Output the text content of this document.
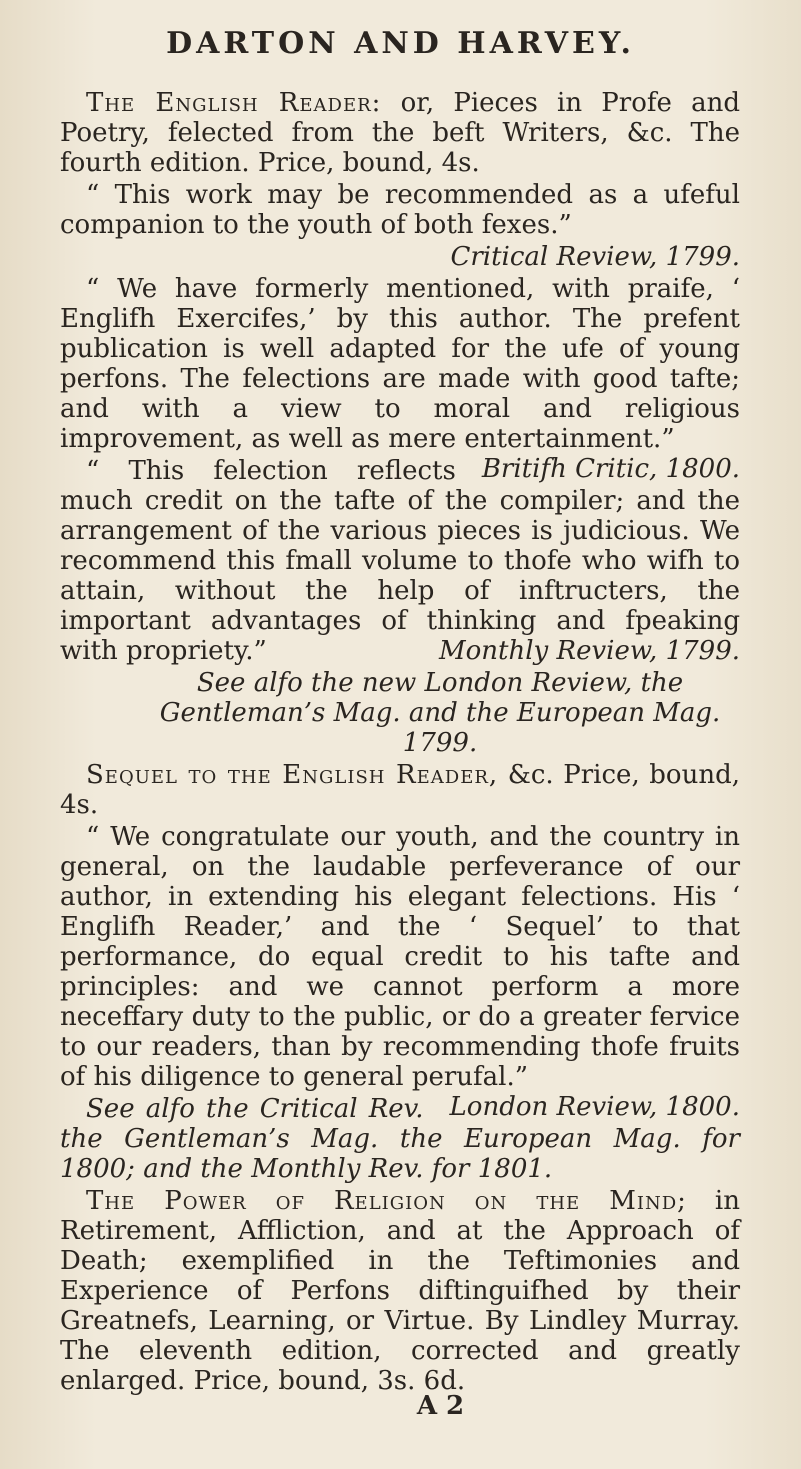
DARTON AND HARVEY.

The English Reader: or, Pieces in Profe and Poetry, felected from the beft Writers, &c. The fourth edition. Price, bound, 4s.

“ This work may be recommended as a ufeful companion to the youth of both fexes.”

Critical Review, 1799.

“ We have formerly mentioned, with praife, ‘ Englifh Exercifes,’ by this author. The prefent publication is well adapted for the ufe of young perfons. The felections are made with good tafte; and with a view to moral and religious improvement, as well as mere entertainment.”
Britifh Critic, 1800.

“ This felection reflects much credit on the tafte of the compiler; and the arrangement of the various pieces is judicious. We recommend this fmall volume to thofe who wifh to attain, without the help of inftructers, the important advantages of thinking and fpeaking with propriety.”	Monthly Review, 1799.

See alfo the new London Review, the Gentleman’s Mag. and the European Mag. 1799.

Sequel to the English Reader, &c. Price, bound, 4s.

“ We congratulate our youth, and the country in general, on the laudable perfeverance of our author, in extending his elegant felections. His ‘ Englifh Reader,’ and the ‘ Sequel’ to that performance, do equal credit to his tafte and principles: and we cannot perform a more neceffary duty to the public, or do a greater fervice to our readers, than by recommending thofe fruits of his diligence to general perufal.”
London Review, 1800.

See alfo the Critical Rev. the Gentleman’s Mag. the European Mag. for 1800; and the Monthly Rev. for 1801.

The Power of Religion on the Mind; in Retirement, Affliction, and at the Approach of Death; exemplified in the Teftimonies and Experience of Perfons diftinguifhed by their Greatnefs, Learning, or Virtue. By Lindley Murray. The eleventh edition, corrected and greatly enlarged. Price, bound, 3s. 6d.

A 2
